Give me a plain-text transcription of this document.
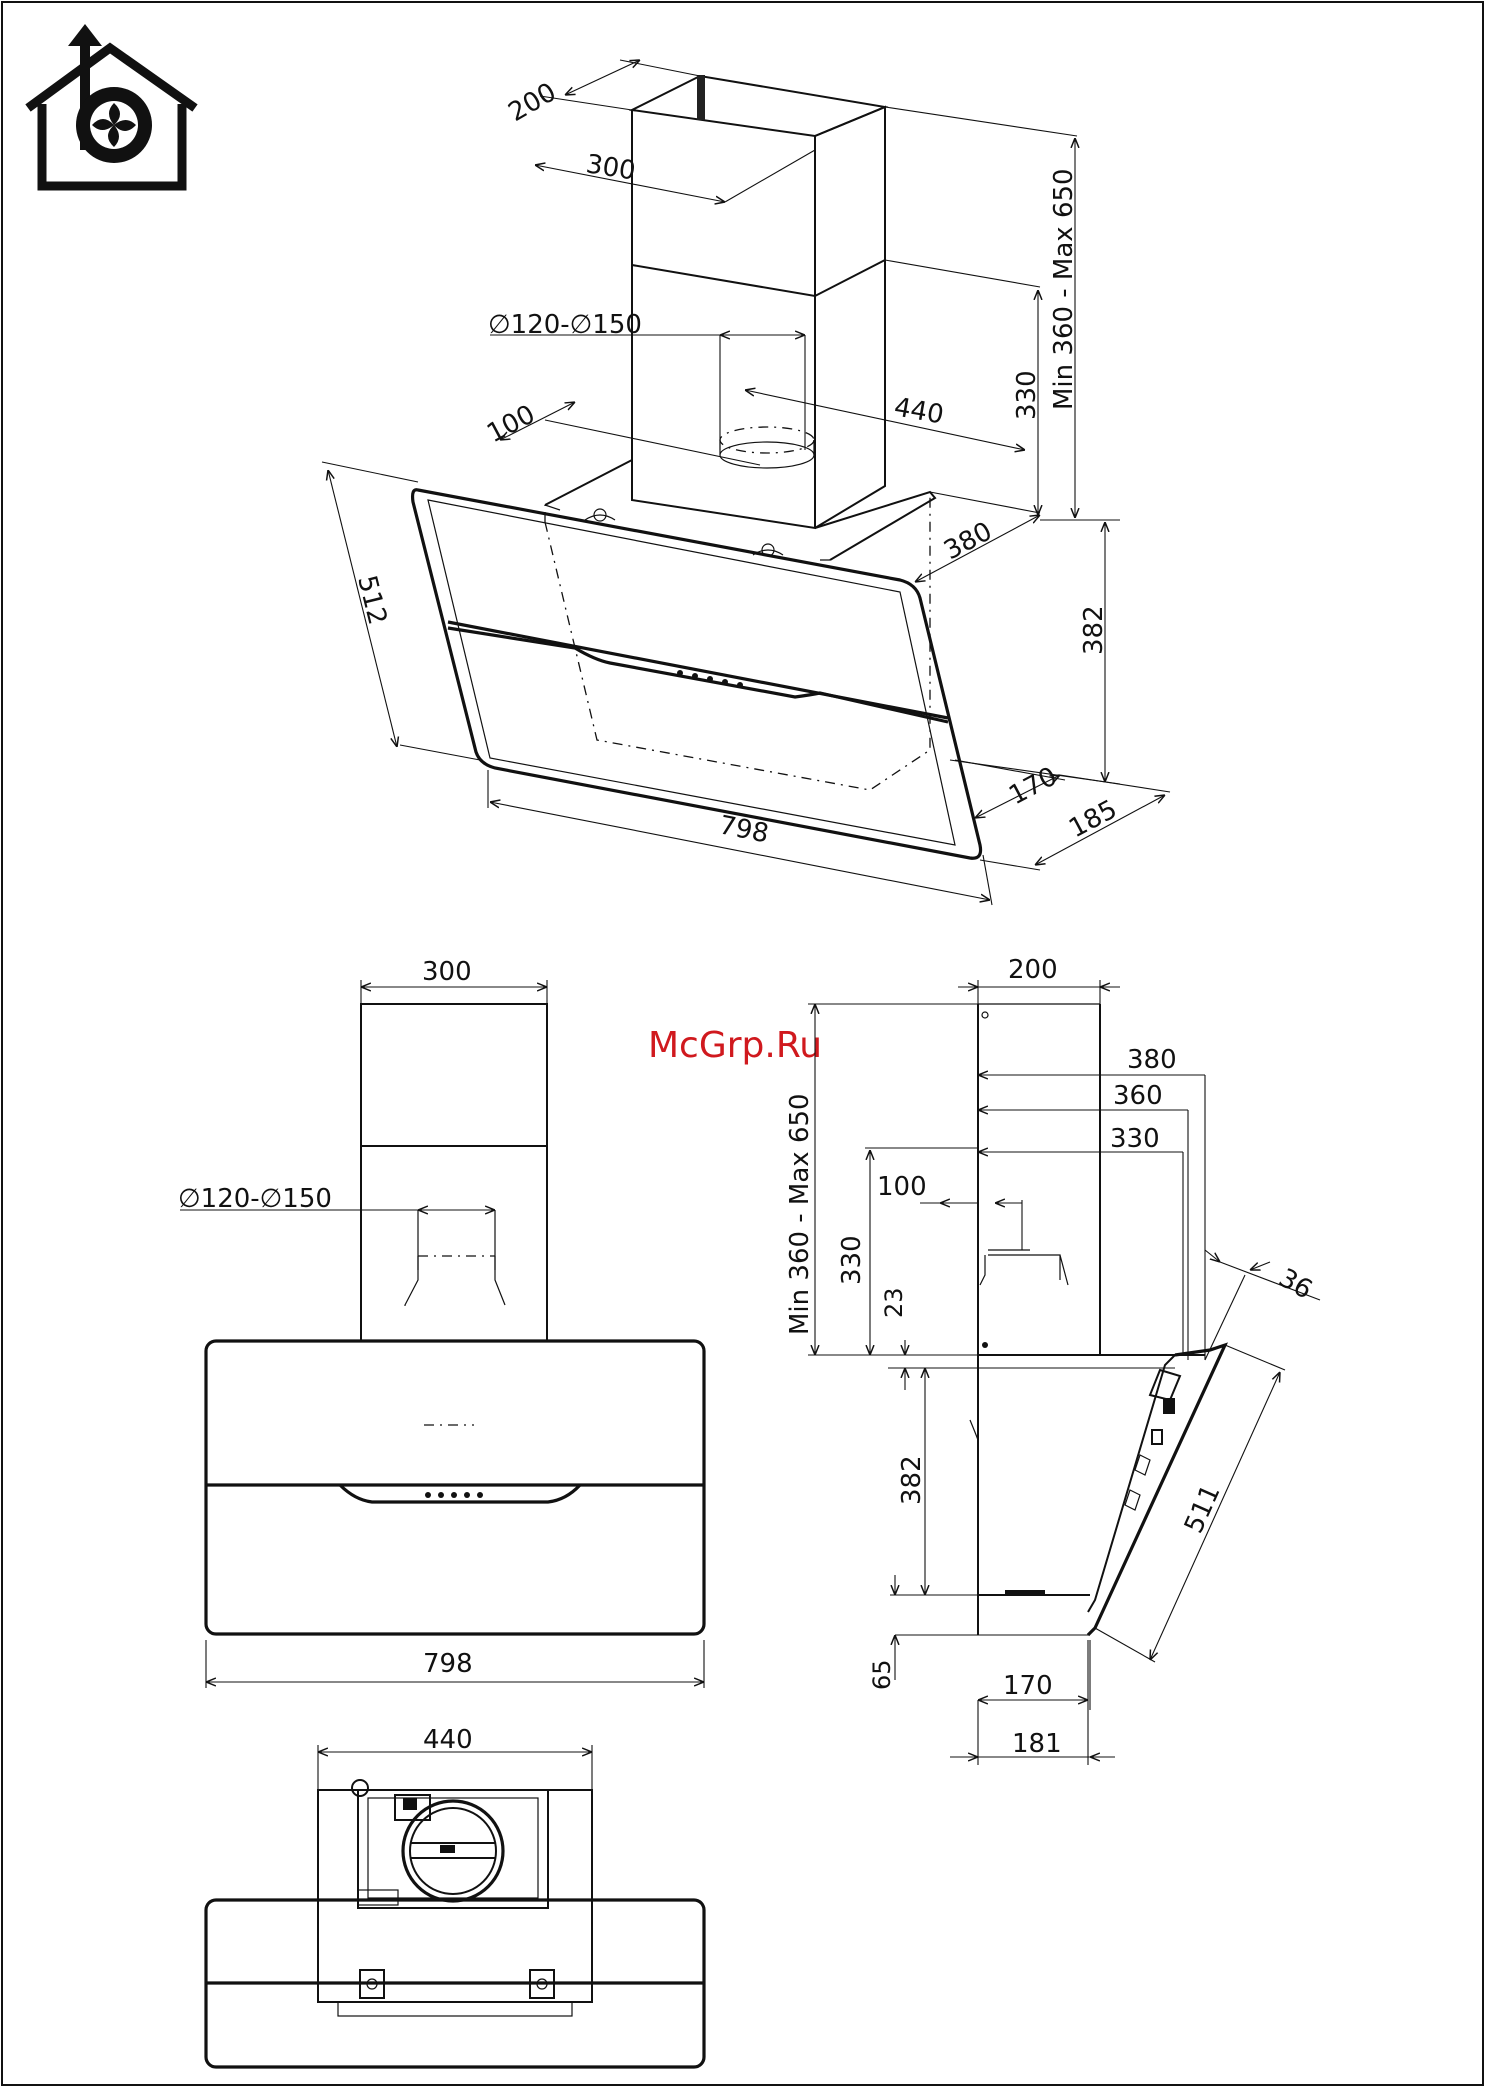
200
300
∅120-∅150
100	440	330 Min 360 - Max 650
380
382
512
798
170
185
McGrp.Ru
300
∅120-∅150
798
200
Min 360 - Max 650
380
360
330
100
330
23	36
382
511
65	170
181
440
